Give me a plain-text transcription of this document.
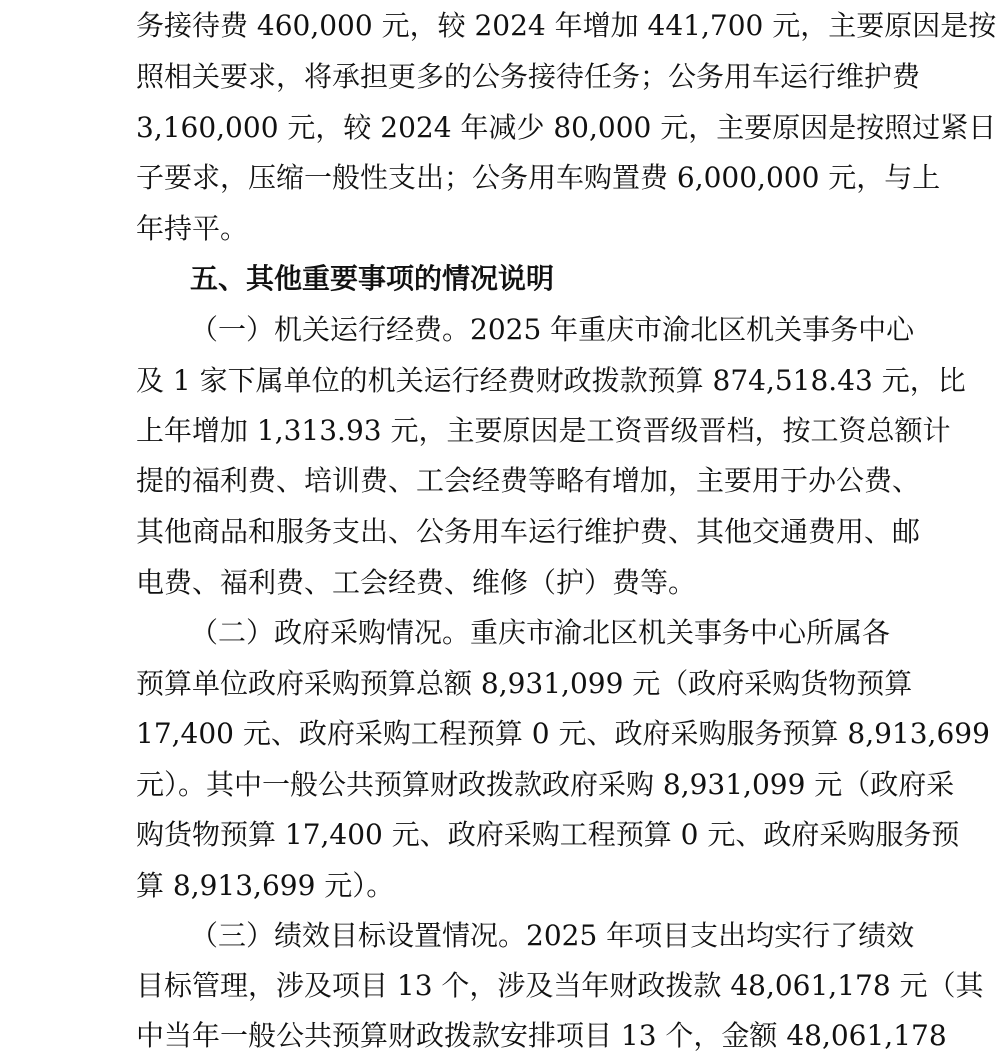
务接待费 460,000 元，较 2024 年增加 441,700 元，主要原因是按
照相关要求，将承担更多的公务接待任务；公务用车运行维护费
3,160,000 元，较 2024 年减少 80,000 元，主要原因是按照过紧日
子要求，压缩一般性支出；公务用车购置费 6,000,000 元，与上
年持平。
五、其他重要事项的情况说明
（一）机关运行经费。2025 年重庆市渝北区机关事务中心
及 1 家下属单位的机关运行经费财政拨款预算 874,518.43 元，比
上年增加 1,313.93 元，主要原因是工资晋级晋档，按工资总额计
提的福利费、培训费、工会经费等略有增加，主要用于办公费、
其他商品和服务支出、公务用车运行维护费、其他交通费用、邮
电费、福利费、工会经费、维修（护）费等。
（二）政府采购情况。重庆市渝北区机关事务中心所属各
预算单位政府采购预算总额 8,931,099 元（政府采购货物预算
17,400 元、政府采购工程预算 0 元、政府采购服务预算 8,913,699
元）。其中一般公共预算财政拨款政府采购 8,931,099 元（政府采
购货物预算 17,400 元、政府采购工程预算 0 元、政府采购服务预
算 8,913,699 元）。
（三）绩效目标设置情况。2025 年项目支出均实行了绩效
目标管理，涉及项目 13 个，涉及当年财政拨款 48,061,178 元（其
中当年一般公共预算财政拨款安排项目 13 个，金额 48,061,178
